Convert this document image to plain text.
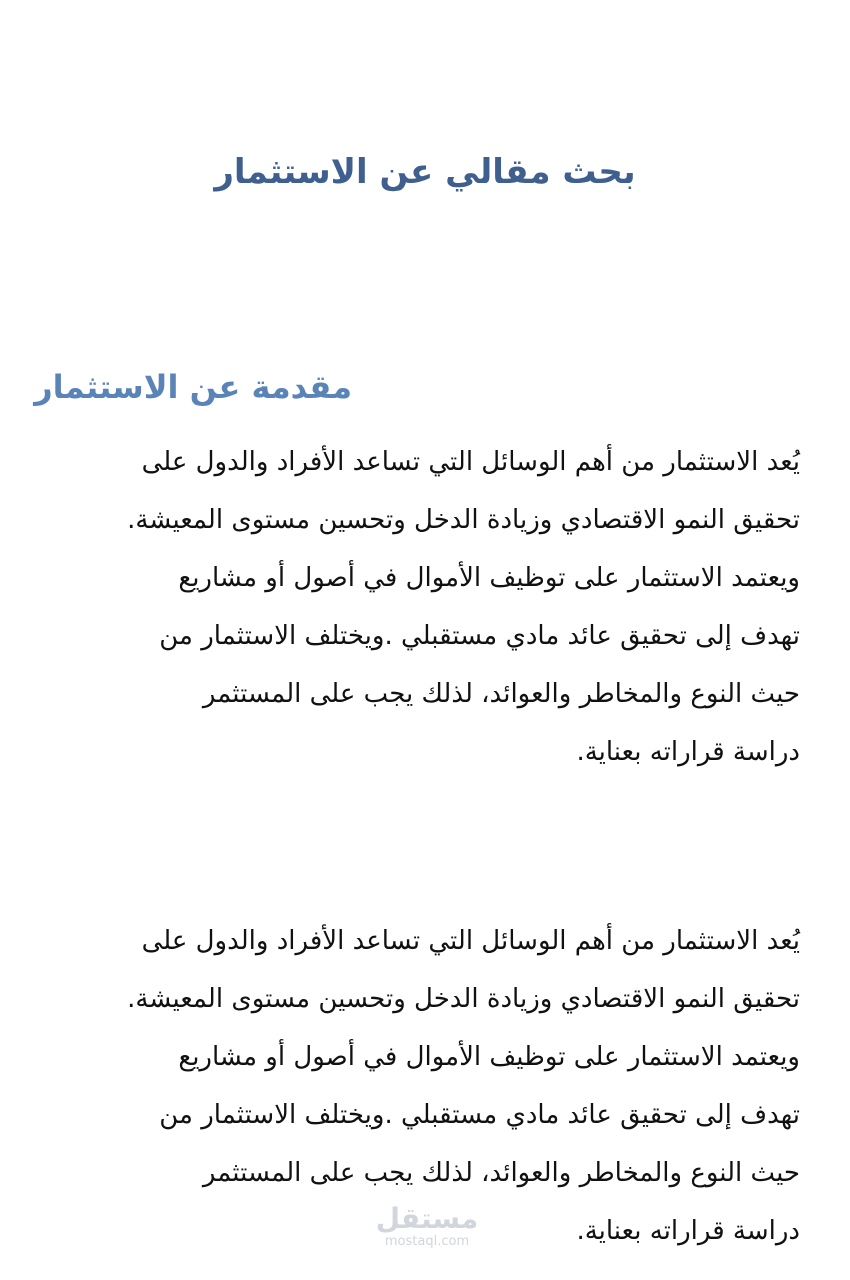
بحث مقالي عن الاستثمار
مقدمة عن الاستثمار

يُعد الاستثمار من أهم الوسائل التي تساعد الأفراد والدول على
تحقيق النمو الاقتصادي وزيادة الدخل وتحسين مستوى المعيشة.
ويعتمد الاستثمار على توظيف الأموال في أصول أو مشاريع
تهدف إلى تحقيق عائد مادي مستقبلي .ويختلف الاستثمار من
حيث النوع والمخاطر والعوائد، لذلك يجب على المستثمر
دراسة قراراته بعناية.

يُعد الاستثمار من أهم الوسائل التي تساعد الأفراد والدول على
تحقيق النمو الاقتصادي وزيادة الدخل وتحسين مستوى المعيشة.
ويعتمد الاستثمار على توظيف الأموال في أصول أو مشاريع
تهدف إلى تحقيق عائد مادي مستقبلي .ويختلف الاستثمار من
حيث النوع والمخاطر والعوائد، لذلك يجب على المستثمر
دراسة قراراته بعناية.

مستقل
mostaql.com
